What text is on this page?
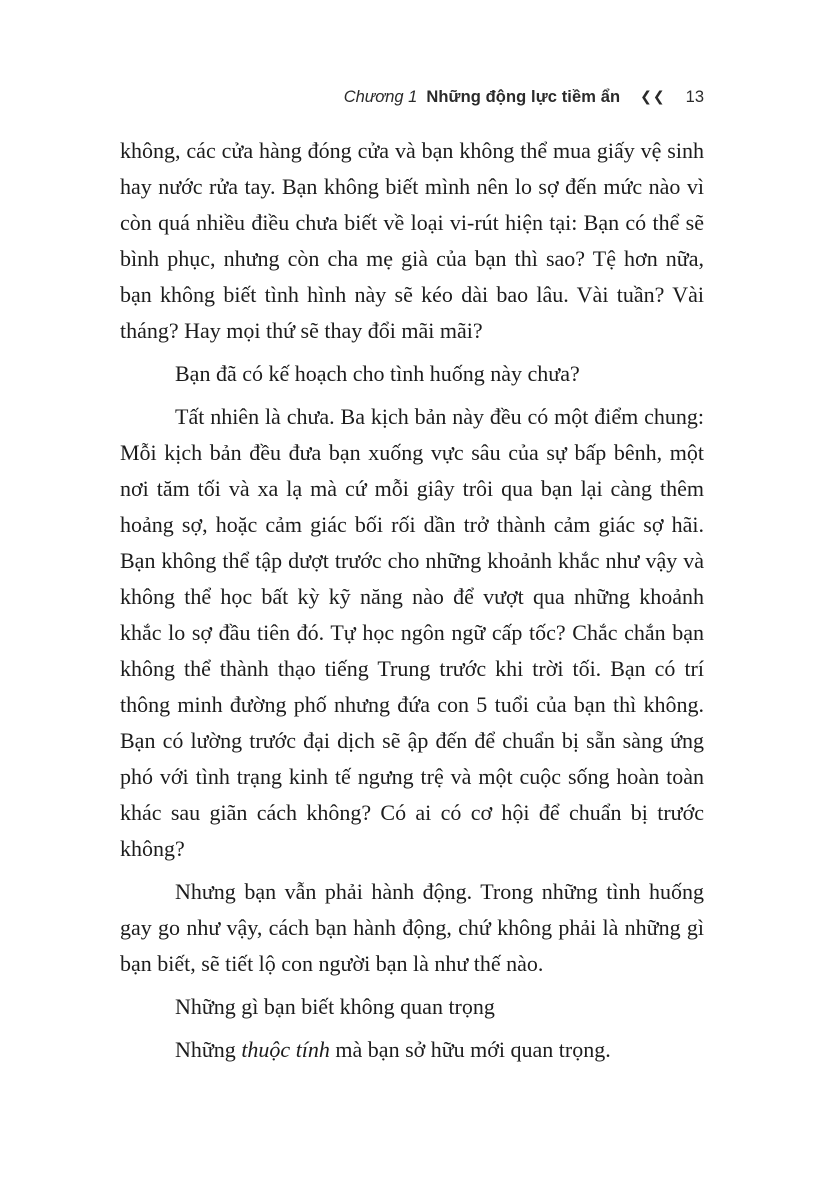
Chương 1 Những động lực tiềm ẩn ❮❮ 13

không, các cửa hàng đóng cửa và bạn không thể mua giấy vệ sinh hay nước rửa tay. Bạn không biết mình nên lo sợ đến mức nào vì còn quá nhiều điều chưa biết về loại vi-rút hiện tại: Bạn có thể sẽ bình phục, nhưng còn cha mẹ già của bạn thì sao? Tệ hơn nữa, bạn không biết tình hình này sẽ kéo dài bao lâu. Vài tuần? Vài tháng? Hay mọi thứ sẽ thay đổi mãi mãi?

Bạn đã có kế hoạch cho tình huống này chưa?

Tất nhiên là chưa. Ba kịch bản này đều có một điểm chung: Mỗi kịch bản đều đưa bạn xuống vực sâu của sự bấp bênh, một nơi tăm tối và xa lạ mà cứ mỗi giây trôi qua bạn lại càng thêm hoảng sợ, hoặc cảm giác bối rối dần trở thành cảm giác sợ hãi. Bạn không thể tập dượt trước cho những khoảnh khắc như vậy và không thể học bất kỳ kỹ năng nào để vượt qua những khoảnh khắc lo sợ đầu tiên đó. Tự học ngôn ngữ cấp tốc? Chắc chắn bạn không thể thành thạo tiếng Trung trước khi trời tối. Bạn có trí thông minh đường phố nhưng đứa con 5 tuổi của bạn thì không. Bạn có lường trước đại dịch sẽ ập đến để chuẩn bị sẵn sàng ứng phó với tình trạng kinh tế ngưng trệ và một cuộc sống hoàn toàn khác sau giãn cách không? Có ai có cơ hội để chuẩn bị trước không?

Nhưng bạn vẫn phải hành động. Trong những tình huống gay go như vậy, cách bạn hành động, chứ không phải là những gì bạn biết, sẽ tiết lộ con người bạn là như thế nào.

Những gì bạn biết không quan trọng

Những thuộc tính mà bạn sở hữu mới quan trọng.
